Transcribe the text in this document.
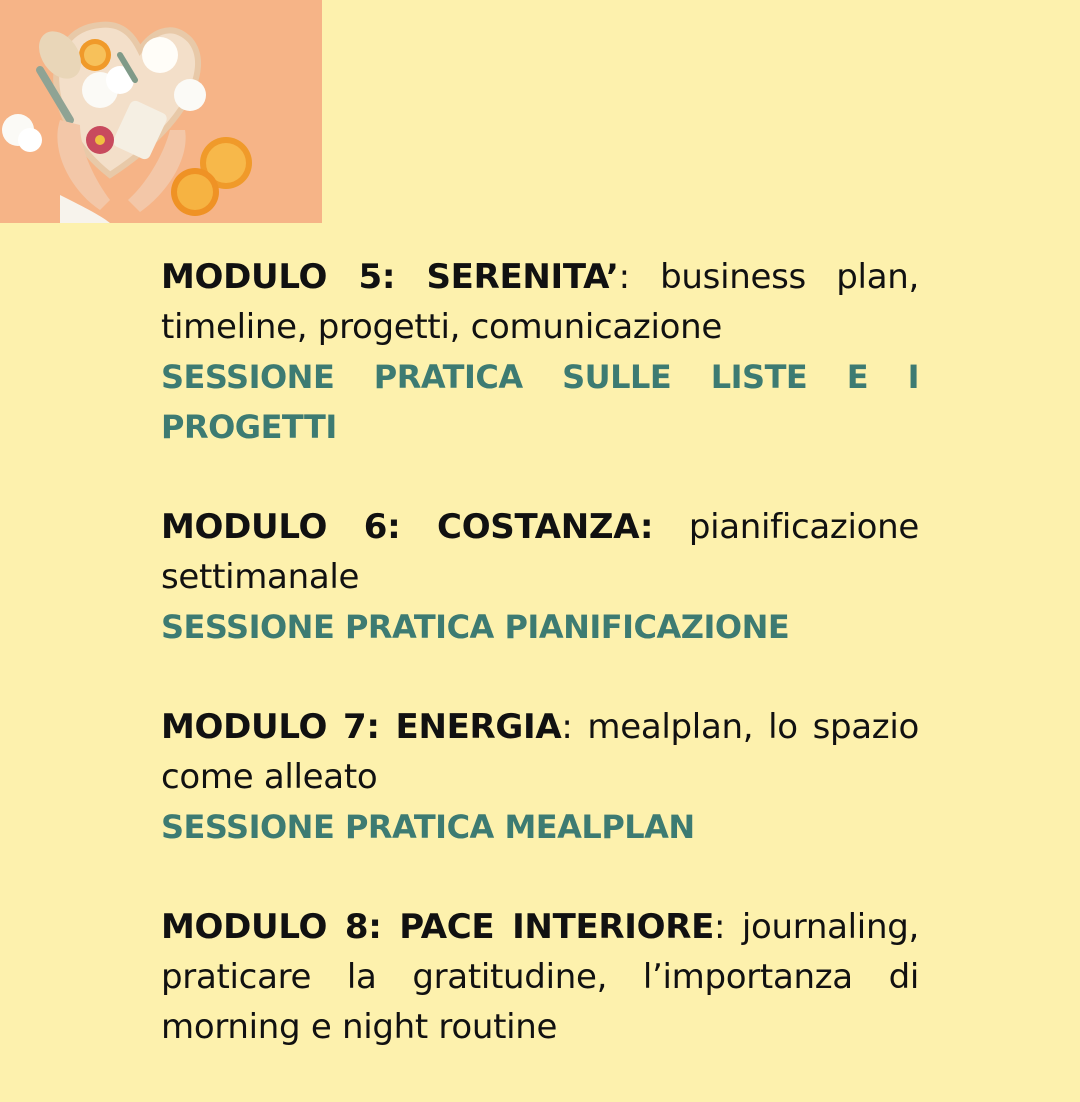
MODULO 5: SERENITA’: business plan, timeline, progetti, comunicazione

SESSIONE PRATICA SULLE LISTE E I PROGETTI

MODULO 6: COSTANZA: pianificazione settimanale

SESSIONE PRATICA PIANIFICAZIONE

MODULO 7: ENERGIA: mealplan, lo spazio come alleato

SESSIONE PRATICA MEALPLAN

MODULO 8: PACE INTERIORE: journaling, praticare la gratitudine, l’importanza di morning e night routine
